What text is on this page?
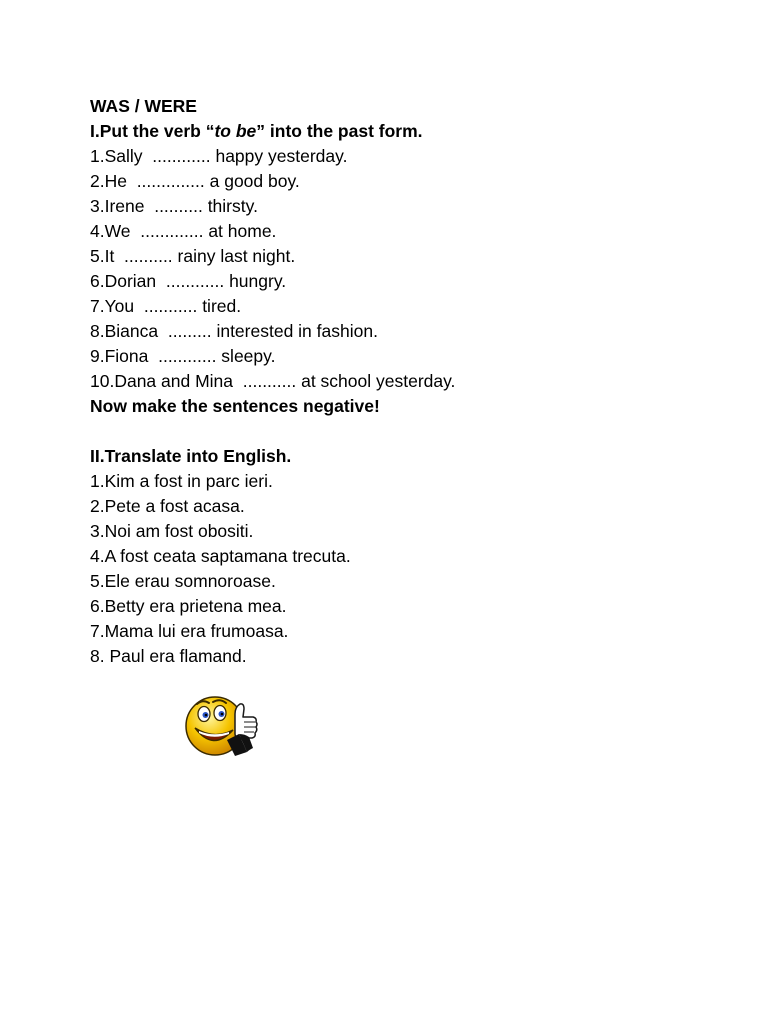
WAS / WERE
I.Put the verb “to be” into the past form.
1.Sally  ............ happy yesterday.
2.He  .............. a good boy.
3.Irene  .......... thirsty.
4.We  ............. at home.
5.It  .......... rainy last night.
6.Dorian  ............ hungry.
7.You  ........... tired.
8.Bianca  ......... interested in fashion.
9.Fiona  ............ sleepy.
10.Dana and Mina  ........... at school yesterday.
Now make the sentences negative!
II.Translate into English.
1.Kim a fost in parc ieri.
2.Pete a fost acasa.
3.Noi am fost obositi.
4.A fost ceata saptamana trecuta.
5.Ele erau somnoroase.
6.Betty era prietena mea.
7.Mama lui era frumoasa.
8. Paul era flamand.
